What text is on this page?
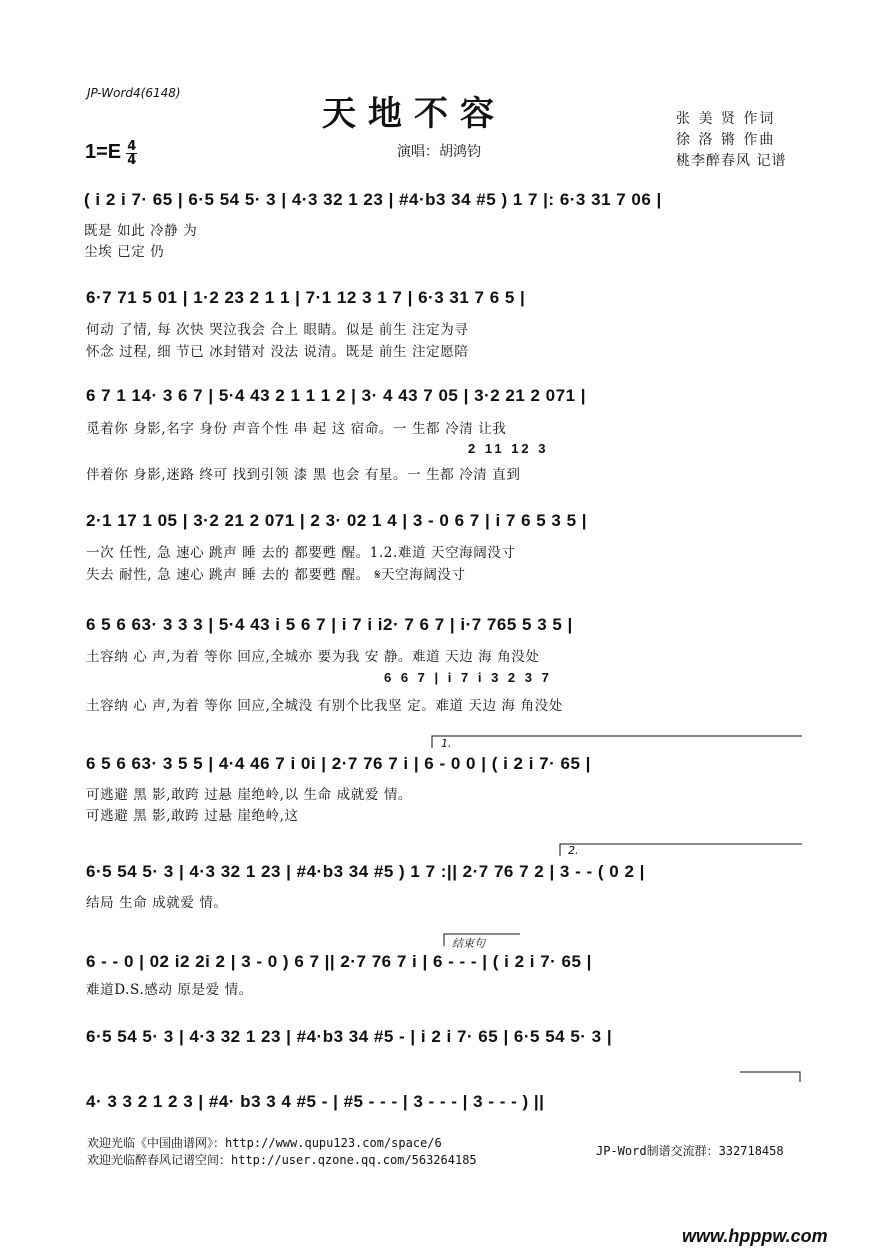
JP-Word4(6148)
天地不容	张 美 贤 作词
徐 洛 锵 作曲
桃李醉春风 记谱
$1=E \frac{4}{4}$	演唱：胡鸿钧
( i 2 i 7· 65 | 6·5 54 5· 3 | 4·3 32 1 23 | #4·b3 34 #5 ) 1 7 |: 6·3 31 7 06 |
既是 如此 冷静 为
尘埃 已定 仍
6·7 71 5 01 | 1·2 23 2 1 1 | 7·1 12 3 1 7 | 6·3 31 7 6 5 |
何动 了情, 每 次快 哭泣我会 合上 眼睛。似是 前生 注定为寻
怀念 过程, 细 节已 冰封错对 没法 说清。既是 前生 注定愿陪
6 7 1 14· 3 6 7 | 5·4 43 2 1 1 1 2 | 3· 4 43 7 05 | 3·2 21 2 071 |
觅着你 身影,名字 身份 声音个性 串 起 这 宿命。一 生都 冷清 让我
2 11 12 3
伴着你 身影,迷路 终可 找到引领 漆 黑 也会 有星。一 生都 冷清 直到
2·1 17 1 05 | 3·2 21 2 071 | 2 3· 02 1 4 | 3 - 0 6 7 | i 7 6 5 3 5 |
一次 任性, 急 速心 跳声 睡 去的 都要甦 醒。1.2.难道 天空海阔没寸
失去 耐性, 急 速心 跳声 睡 去的 都要甦 醒。 𝄋天空海阔没寸
6 5 6 63· 3 3 3 | 5·4 43 i 5 6 7 | i 7 i i2· 7 6 7 | i·7 765 5 3 5 |
土容纳 心 声,为着 等你 回应,全城亦 要为我 安 静。难道 天边 海 角没处
6 6 7 | i 7 i 3 2 3 7
土容纳 心 声,为着 等你 回应,全城没 有别个比我坚 定。难道 天边 海 角没处
1.
6 5 6 63· 3 5 5 | 4·4 46 7 i 0i | 2·7 76 7 i | 6 - 0 0 | ( i 2 i 7· 65 |
可逃避 黑 影,敢跨 过悬 崖绝岭,以 生命 成就爱 情。
可逃避 黑 影,敢跨 过悬 崖绝岭,这
2.
6·5 54 5· 3 | 4·3 32 1 23 | #4·b3 34 #5 ) 1 7 :|| 2·7 76 7 2 | 3 - - ( 0 2 |
结局 生命 成就爱 情。
结束句
6 - - 0 | 02 i2 2i 2 | 3 - 0 ) 6 7 || 2·7 76 7 i | 6 - - - | ( i 2 i 7· 65 |
难道D.S.感动 原是爱 情。
6·5 54 5· 3 | 4·3 32 1 23 | #4·b3 34 #5 - | i 2 i 7· 65 | 6·5 54 5· 3 |
4· 3 3 2 1 2 3 | #4· b3 3 4 #5 - | #5 - - - | 3 - - - | 3 - - - ) ||
欢迎光临《中国曲谱网》：http://www.qupu123.com/space/6
欢迎光临醉春风记谱空间：http://user.qzone.qq.com/563264185
JP-Word制谱交流群：332718458
www.hpppw.com
